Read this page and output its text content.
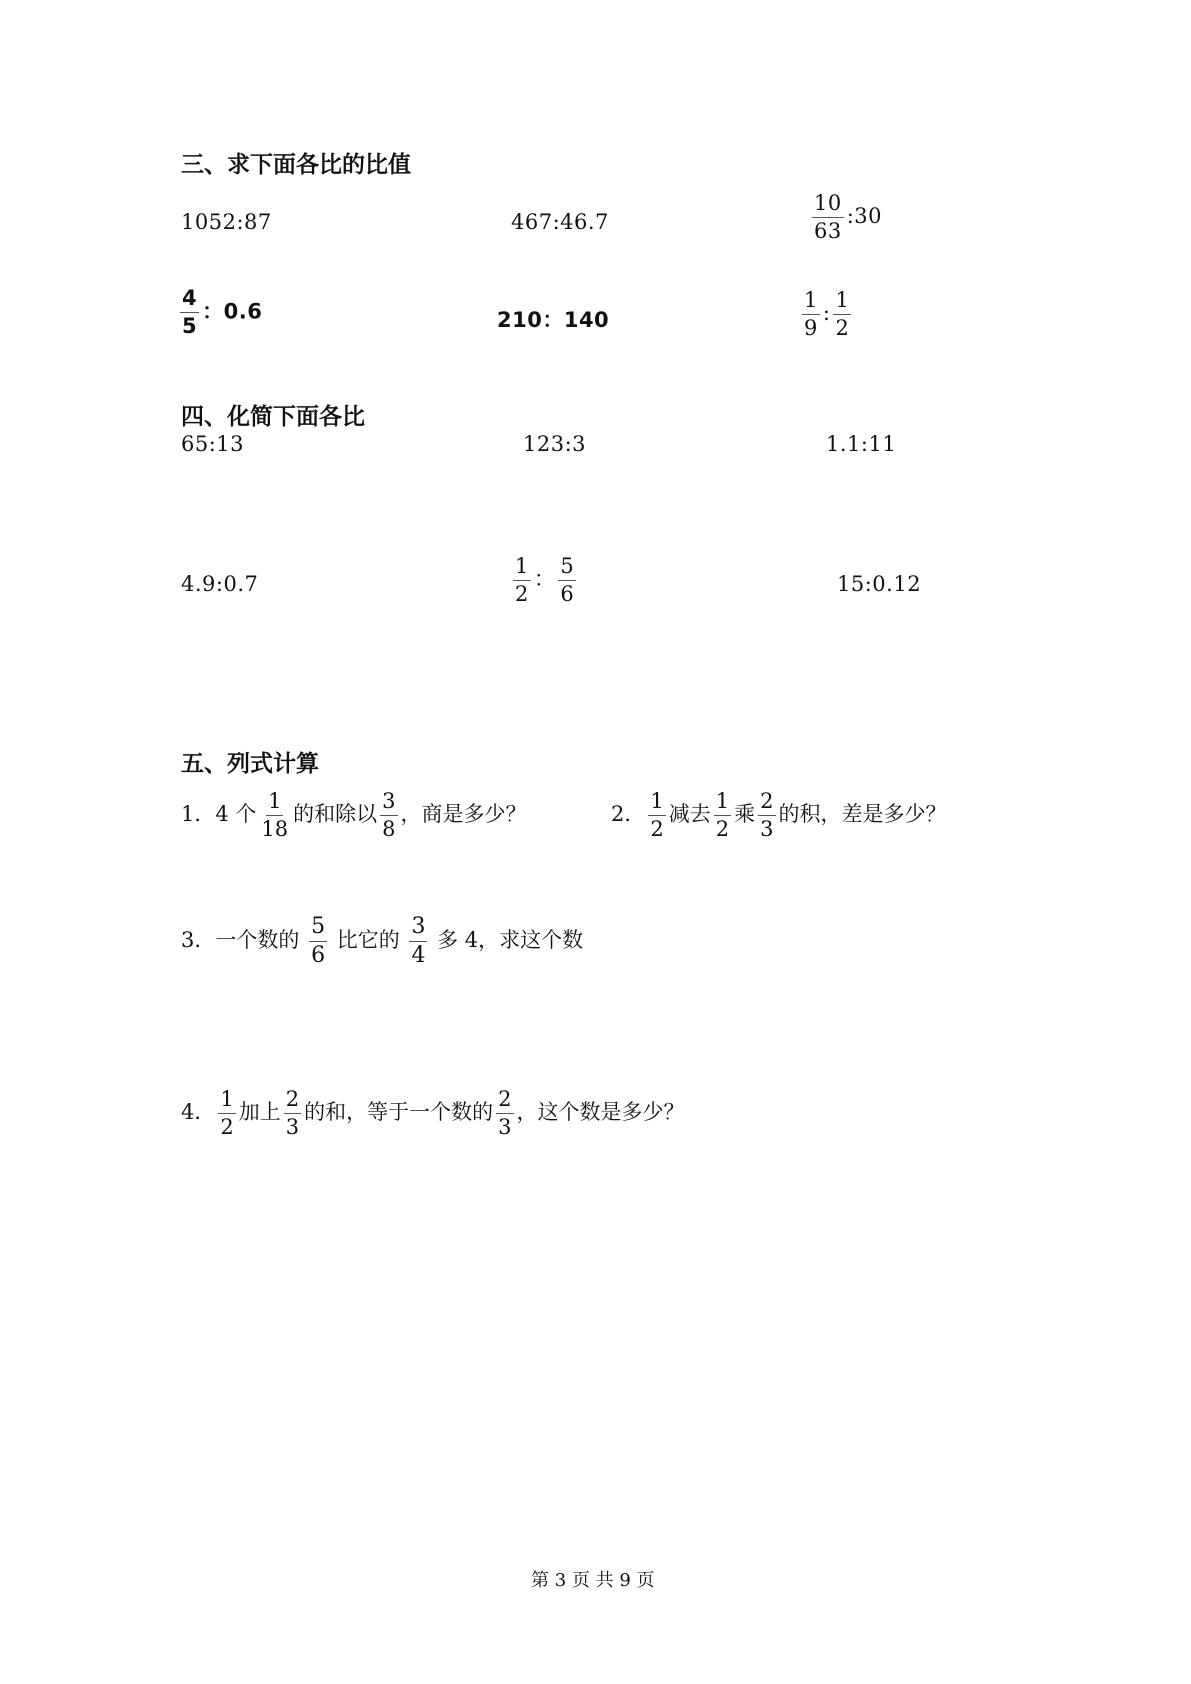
三、求下面各比的比值
1052:87	467:46.7	$\frac{10}{63}$ :30
$\frac{4}{5}$ ：0.6	210：140	$\frac{1}{9}$ : $\frac{1}{2}$
四、化简下面各比
65:13	123:3	1.1:11
4.9:0.7	$\frac{1}{2}$ ： $\frac{5}{6}$	15:0.12
五、列式计算
1．4 个 $\frac{1}{18}$ 的和除以 $\frac{3}{8}$ ，商是多少？	2． $\frac{1}{2}$ 减去 $\frac{1}{2}$ 乘 $\frac{2}{3}$ 的积，差是多少？
3．一个数的 $\frac{5}{6}$ 比它的 $\frac{3}{4}$ 多 4，求这个数
4． $\frac{1}{2}$ 加上 $\frac{2}{3}$ 的和，等于一个数的 $\frac{2}{3}$ ，这个数是多少？
第 3 页 共 9 页
